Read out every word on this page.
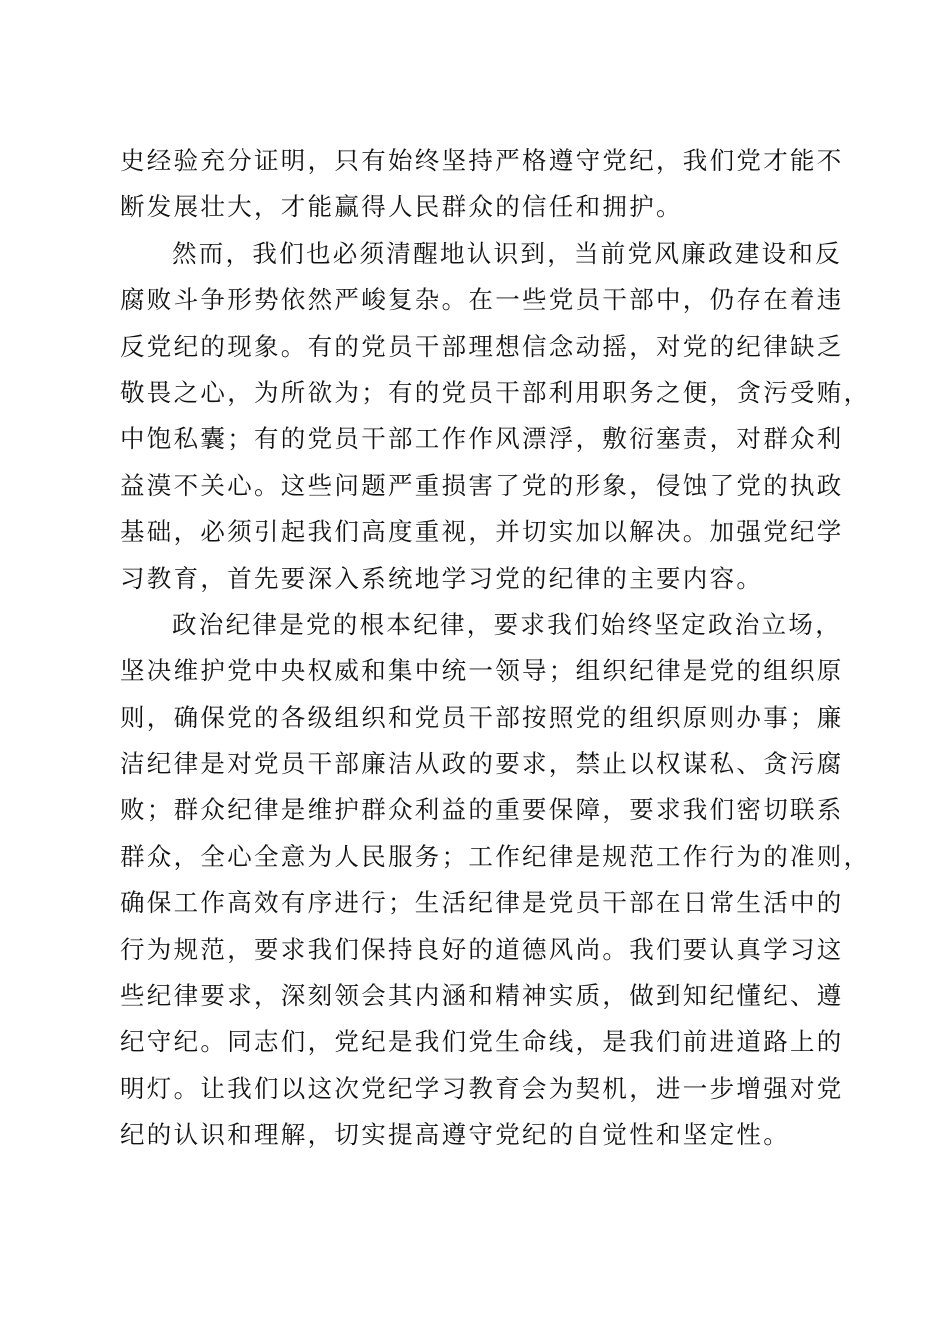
史经验充分证明，只有始终坚持严格遵守党纪，我们党才能不
断发展壮大，才能赢得人民群众的信任和拥护。
然而，我们也必须清醒地认识到，当前党风廉政建设和反
腐败斗争形势依然严峻复杂。在一些党员干部中，仍存在着违
反党纪的现象。有的党员干部理想信念动摇，对党的纪律缺乏
敬畏之心，为所欲为；有的党员干部利用职务之便，贪污受贿，
中饱私囊；有的党员干部工作作风漂浮，敷衍塞责，对群众利
益漠不关心。这些问题严重损害了党的形象，侵蚀了党的执政
基础，必须引起我们高度重视，并切实加以解决。加强党纪学
习教育，首先要深入系统地学习党的纪律的主要内容。
政治纪律是党的根本纪律，要求我们始终坚定政治立场，
坚决维护党中央权威和集中统一领导；组织纪律是党的组织原
则，确保党的各级组织和党员干部按照党的组织原则办事；廉
洁纪律是对党员干部廉洁从政的要求，禁止以权谋私、贪污腐
败；群众纪律是维护群众利益的重要保障，要求我们密切联系
群众，全心全意为人民服务；工作纪律是规范工作行为的准则，
确保工作高效有序进行；生活纪律是党员干部在日常生活中的
行为规范，要求我们保持良好的道德风尚。我们要认真学习这
些纪律要求，深刻领会其内涵和精神实质，做到知纪懂纪、遵
纪守纪。同志们，党纪是我们党生命线，是我们前进道路上的
明灯。让我们以这次党纪学习教育会为契机，进一步增强对党
纪的认识和理解，切实提高遵守党纪的自觉性和坚定性。
